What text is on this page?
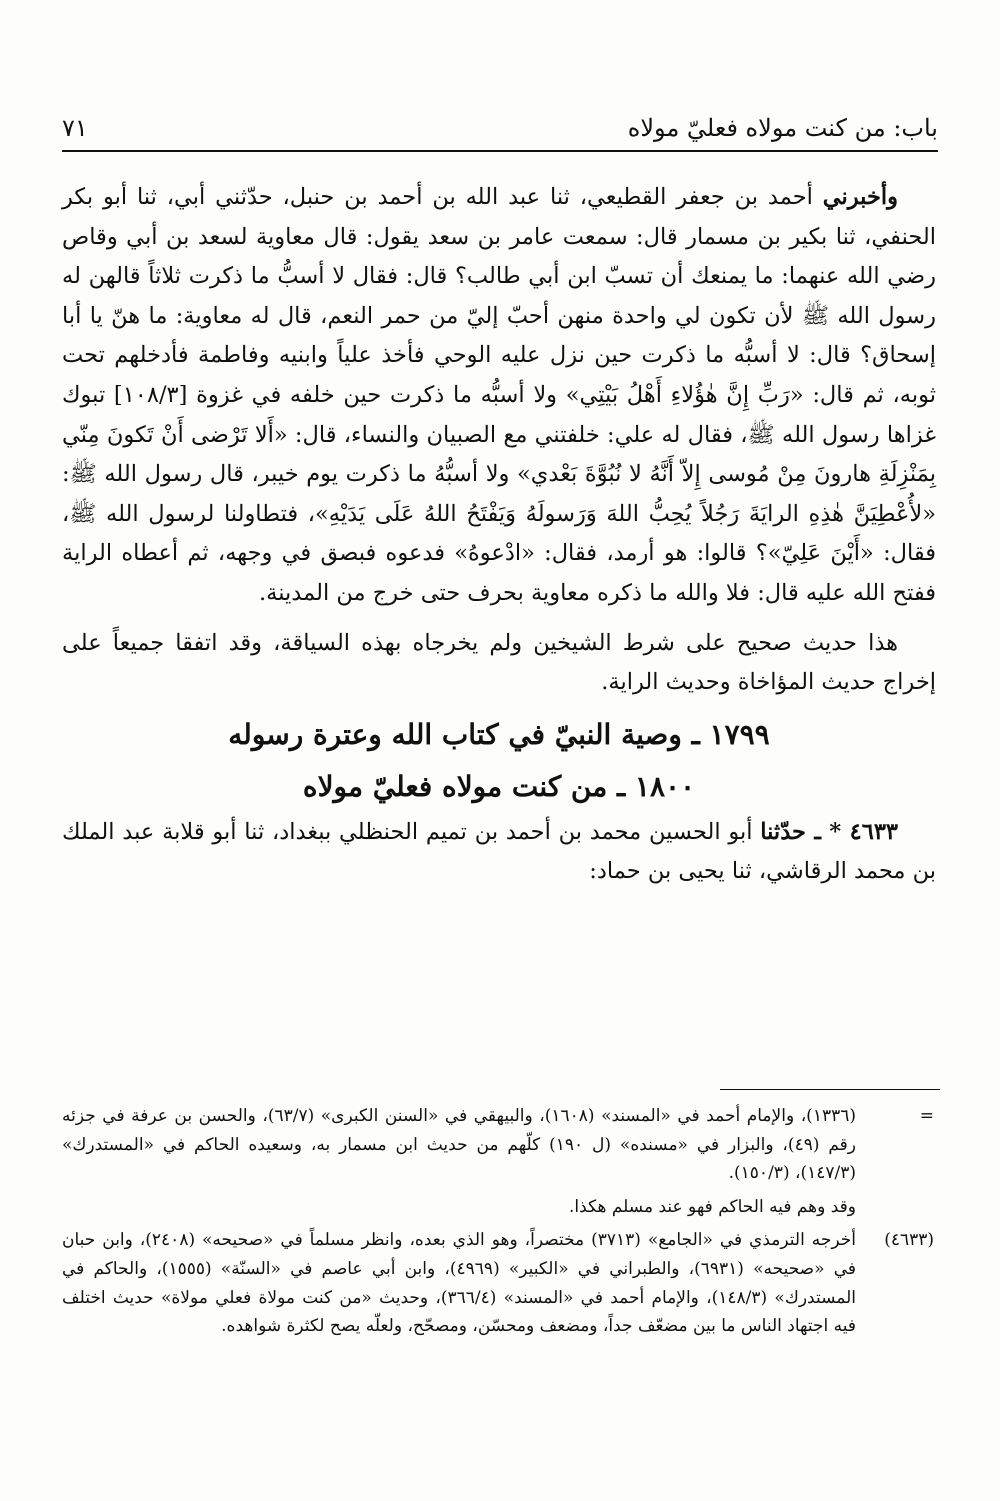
باب: من كنت مولاه فعليّ مولاه
٧١

وأخبرني أحمد بن جعفر القطيعي، ثنا عبد الله بن أحمد بن حنبل، حدّثني أبي، ثنا أبو بكر الحنفي، ثنا بكير بن مسمار قال: سمعت عامر بن سعد يقول: قال معاوية لسعد بن أبي وقاص رضي الله عنهما: ما يمنعك أن تسبّ ابن أبي طالب؟ قال: فقال لا أسبُّ ما ذكرت ثلاثاً قالهن له رسول الله ﷺ لأن تكون لي واحدة منهن أحبّ إليّ من حمر النعم، قال له معاوية: ما هنّ يا أبا إسحاق؟ قال: لا أسبُّه ما ذكرت حين نزل عليه الوحي فأخذ علياً وابنيه وفاطمة فأدخلهم تحت ثوبه، ثم قال: «رَبِّ إِنَّ هٰؤُلاءِ أَهْلُ بَيْتِي» ولا أسبُّه ما ذكرت حين خلفه في غزوة [١٠٨/٣] تبوك غزاها رسول الله ﷺ، فقال له علي: خلفتني مع الصبيان والنساء، قال: «أَلا تَرْضى أَنْ تَكونَ مِنّي بِمَنْزِلَةِ هارونَ مِنْ مُوسى إِلاّ أَنَّهُ لا نُبُوَّةَ بَعْدي» ولا أسبُّهُ ما ذكرت يوم خيبر، قال رسول الله ﷺ: «لأُعْطِيَنَّ هٰذِهِ الرايَةَ رَجُلاً يُحِبُّ اللهَ وَرَسولَهُ وَيَفْتَحُ اللهُ عَلَى يَدَيْهِ»، فتطاولنا لرسول الله ﷺ، فقال: «أَيْنَ عَلِيّ»؟ قالوا: هو أرمد، فقال: «ادْعوهُ» فدعوه فبصق في وجهه، ثم أعطاه الراية ففتح الله عليه قال: فلا والله ما ذكره معاوية بحرف حتى خرج من المدينة.

هذا حديث صحيح على شرط الشيخين ولم يخرجاه بهذه السياقة، وقد اتفقا جميعاً على إخراج حديث المؤاخاة وحديث الراية.

١٧٩٩ ـ وصية النبيّ في كتاب الله وعترة رسوله
١٨٠٠ ـ من كنت مولاه فعليّ مولاه

٤٦٣٣ * ـ حدّثنا أبو الحسين محمد بن أحمد بن تميم الحنظلي ببغداد، ثنا أبو قلابة عبد الملك بن محمد الرقاشي، ثنا يحيى بن حماد:

=
(١٣٣٦)، والإمام أحمد في «المسند» (١٦٠٨)، والبيهقي في «السنن الكبرى» (٦٣/٧)، والحسن بن عرفة في جزئه رقم (٤٩)، والبزار في «مسنده» (ل ١٩٠) كلّهم من حديث ابن مسمار به، وسعيده الحاكم في «المستدرك» (١٤٧/٣)، (١٥٠/٣).
وقد وهم فيه الحاكم فهو عند مسلم هكذا.
(٤٦٣٣)
أخرجه الترمذي في «الجامع» (٣٧١٣) مختصراً، وهو الذي بعده، وانظر مسلماً في «صحيحه» (٢٤٠٨)، وابن حبان في «صحيحه» (٦٩٣١)، والطبراني في «الكبير» (٤٩٦٩)، وابن أبي عاصم في «السنّة» (١٥٥٥)، والحاكم في المستدرك» (١٤٨/٣)، والإمام أحمد في «المسند» (٣٦٦/٤)، وحديث «من كنت مولاة فعلي مولاة» حديث اختلف فيه اجتهاد الناس ما بين مضعّف جداً، ومضعف ومحسّن، ومصحّح، ولعلّه يصح لكثرة شواهده.
